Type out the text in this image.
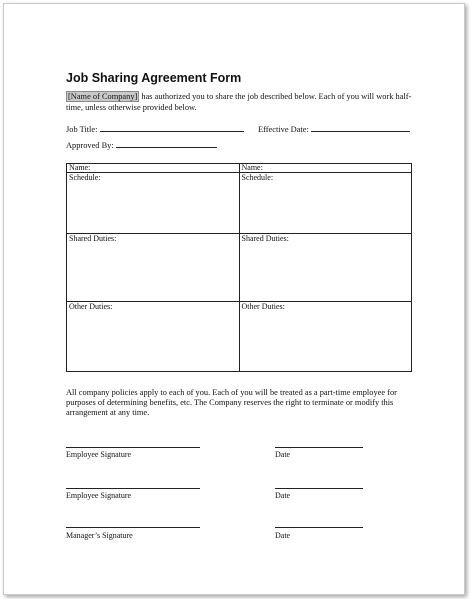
Job Sharing Agreement Form
[Name of Company] has authorized you to share the job described below. Each of you will work half-time, unless otherwise provided below.
Job Title:	Effective Date:
Approved By:
Name:	Name:
Schedule:	Schedule:
Shared Duties:	Shared Duties:
Other Duties:	Other Duties:
All company policies apply to each of you. Each of you will be treated as a part-time employee for purposes of determining benefits, etc. The Company reserves the right to terminate or modify this arrangement at any time.
Employee Signature	Date
Employee Signature	Date
Manager’s Signature	Date
